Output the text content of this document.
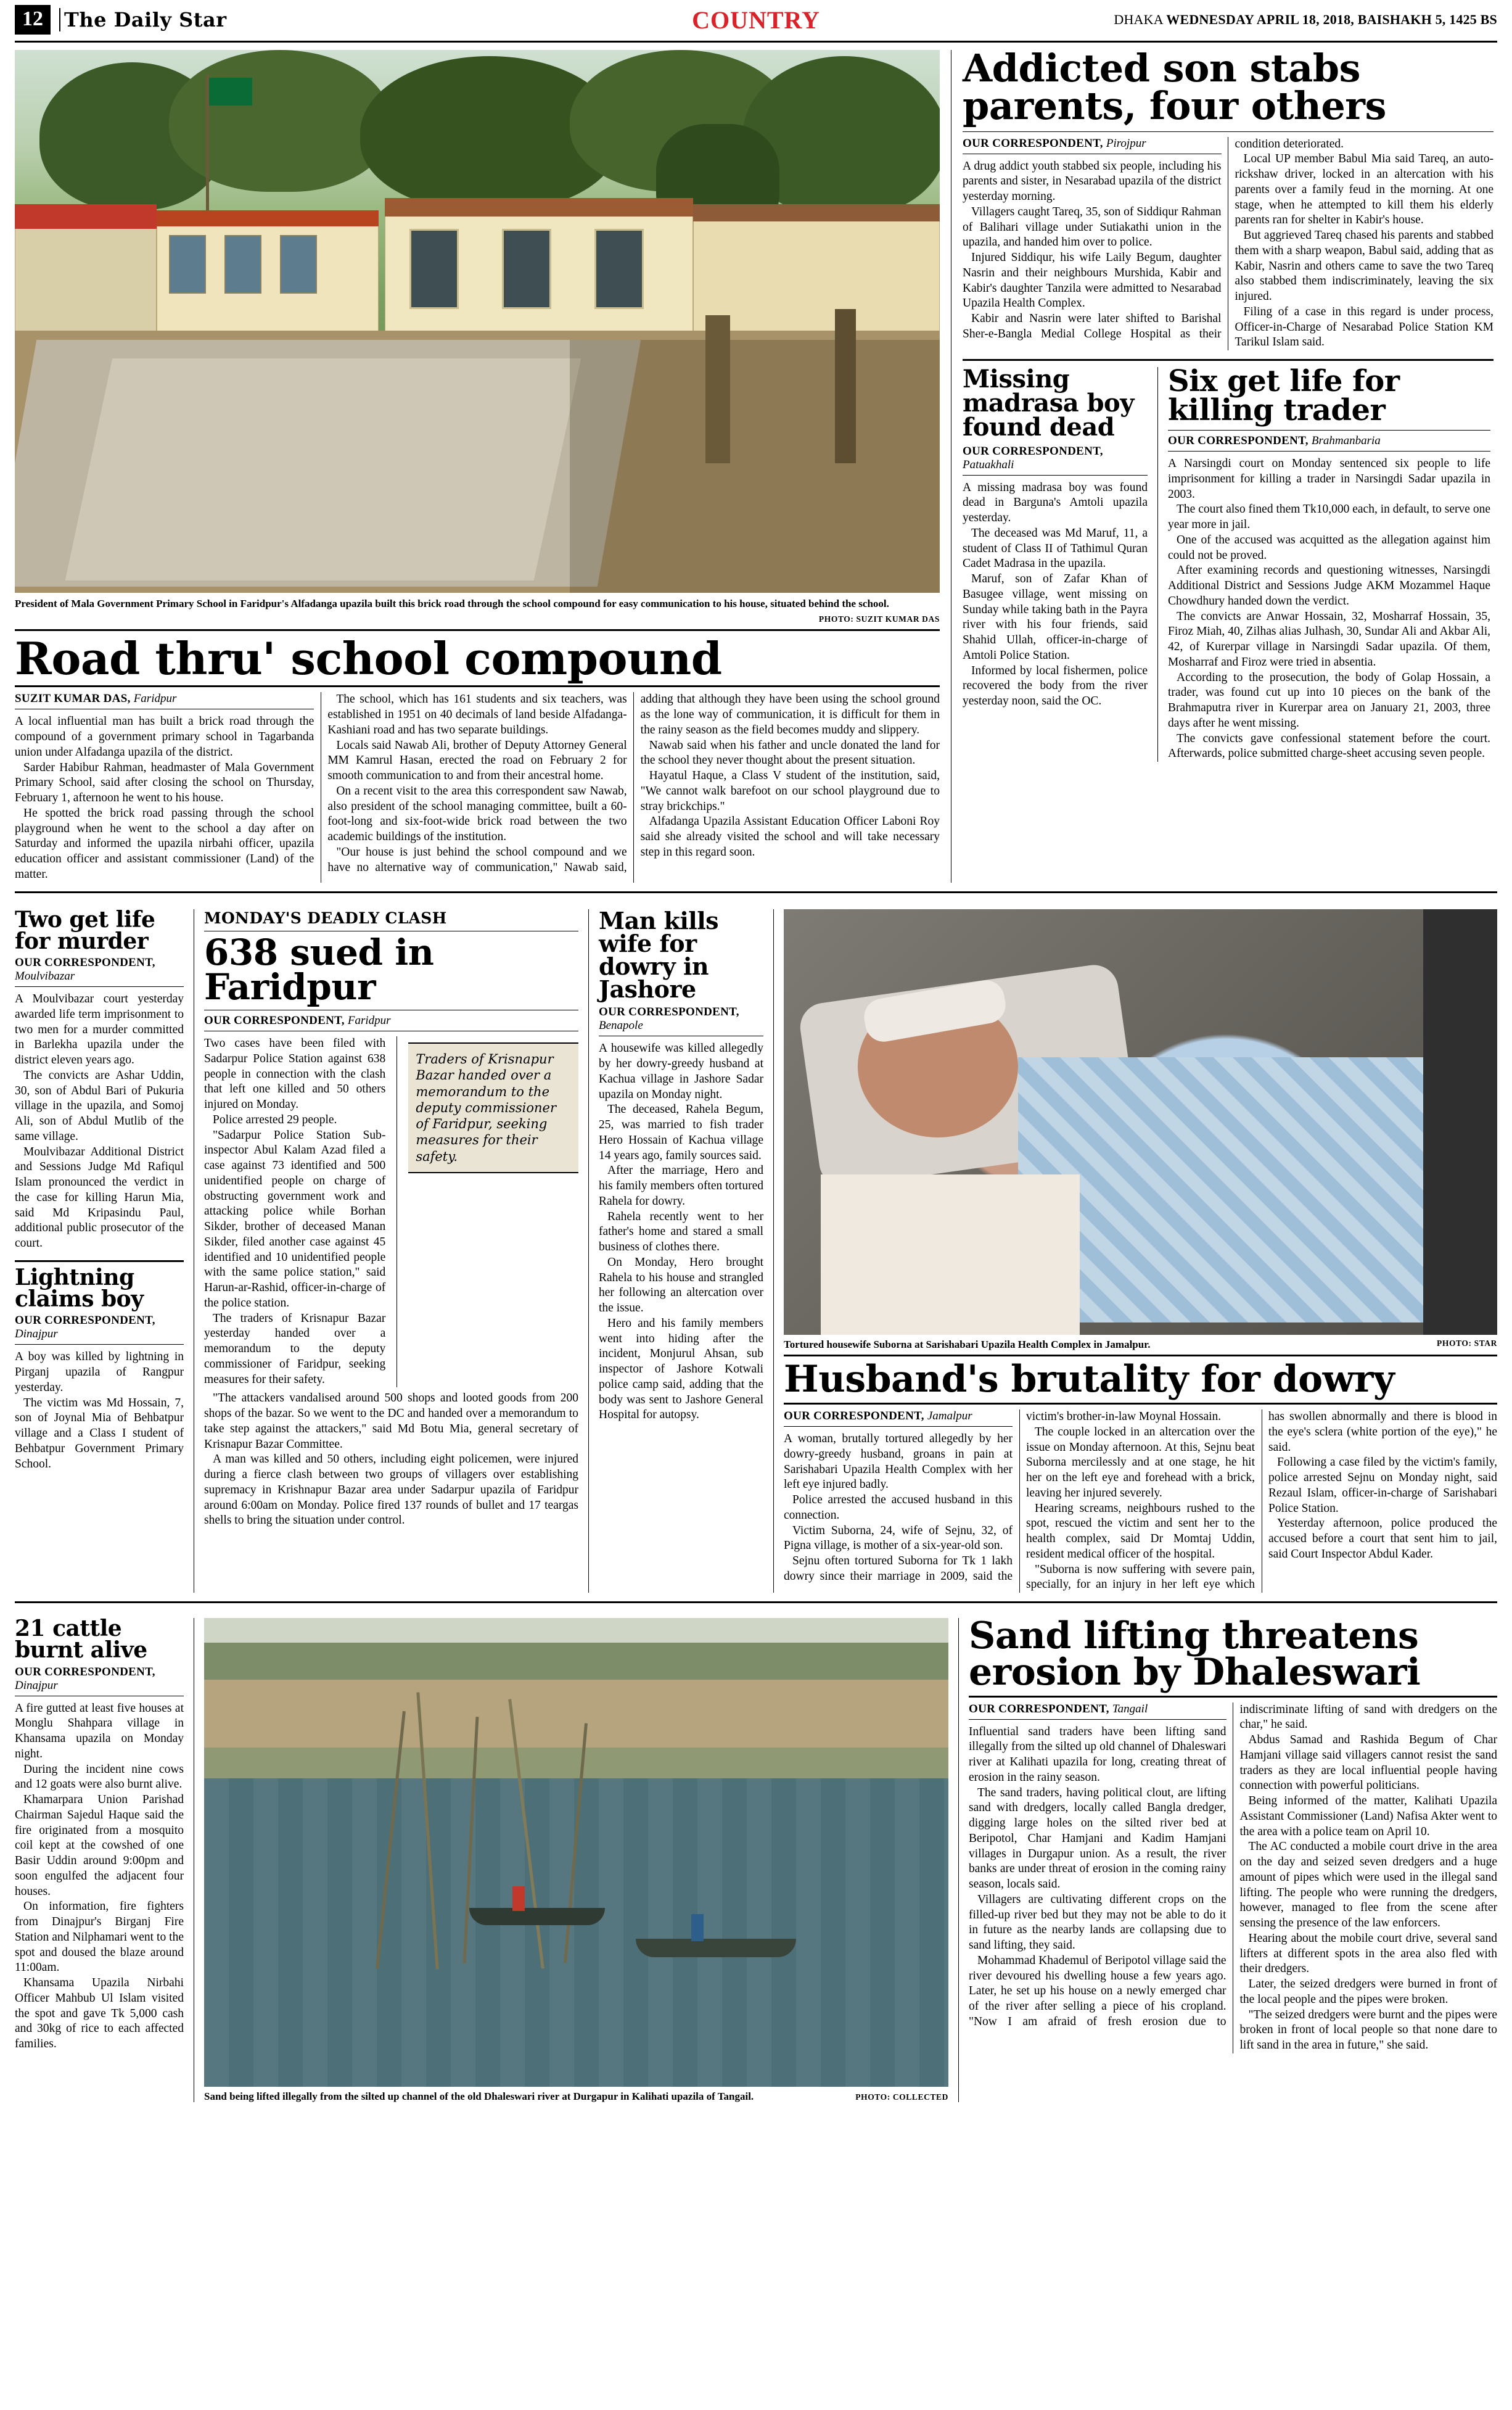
12	The Daily Star	COUNTRY	DHAKA WEDNESDAY APRIL 18, 2018, BAISHAKH 5, 1425 BS
President of Mala Government Primary School in Faridpur's Alfadanga upazila built this brick road through the school compound for easy communication to his house, situated behind the school.
PHOTO: SUZIT KUMAR DAS
Road thru' school compound
SUZIT KUMAR DAS, Faridpur

A local influential man has built a brick road through the compound of a government primary school in Tagarbanda union under Alfadanga upazila of the district.

Sarder Habibur Rahman, headmaster of Mala Government Primary School, said after closing the school on Thursday, February 1, afternoon he went to his house.

He spotted the brick road passing through the school playground when he went to the school a day after on Saturday and informed the upazila nirbahi officer, upazila education officer and assistant commissioner (Land) of the matter.

The school, which has 161 students and six teachers, was established in 1951 on 40 decimals of land beside Alfadanga-Kashiani road and has two separate buildings.

Locals said Nawab Ali, brother of Deputy Attorney General MM Kamrul Hasan, erected the road on February 2 for smooth communication to and from their ancestral home.

On a recent visit to the area this correspondent saw Nawab, also president of the school managing committee, built a 60-foot-long and six-foot-wide brick road between the two academic buildings of the institution.

"Our house is just behind the school compound and we have no alternative way of communication," Nawab said, adding that although they have been using the school ground as the lone way of communication, it is difficult for them in the rainy season as the field becomes muddy and slippery.

Nawab said when his father and uncle donated the land for the school they never thought about the present situation.

Hayatul Haque, a Class V student of the institution, said, "We cannot walk barefoot on our school playground due to stray brickchips."

Alfadanga Upazila Assistant Education Officer Laboni Roy said she already visited the school and will take necessary step in this regard soon.

Addicted son stabs parents, four others
OUR CORRESPONDENT, Pirojpur

A drug addict youth stabbed six people, including his parents and sister, in Nesarabad upazila of the district yesterday morning.

Villagers caught Tareq, 35, son of Siddiqur Rahman of Balihari village under Sutiakathi union in the upazila, and handed him over to police.

Injured Siddiqur, his wife Laily Begum, daughter Nasrin and their neighbours Murshida, Kabir and Kabir's daughter Tanzila were admitted to Nesarabad Upazila Health Complex.

Kabir and Nasrin were later shifted to Barishal Sher-e-Bangla Medial College Hospital as their condition deteriorated.

Local UP member Babul Mia said Tareq, an auto-rickshaw driver, locked in an altercation with his parents over a family feud in the morning. At one stage, when he attempted to kill them his elderly parents ran for shelter in Kabir's house.

But aggrieved Tareq chased his parents and stabbed them with a sharp weapon, Babul said, adding that as Kabir, Nasrin and others came to save the two Tareq also stabbed them indiscriminately, leaving the six injured.

Filing of a case in this regard is under process, Officer-in-Charge of Nesarabad Police Station KM Tarikul Islam said.

Missing madrasa boy found dead
OUR CORRESPONDENT, Patuakhali

A missing madrasa boy was found dead in Barguna's Amtoli upazila yesterday.

The deceased was Md Maruf, 11, a student of Class II of Tathimul Quran Cadet Madrasa in the upazila.

Maruf, son of Zafar Khan of Basugee village, went missing on Sunday while taking bath in the Payra river with his four friends, said Shahid Ullah, officer-in-charge of Amtoli Police Station.

Informed by local fishermen, police recovered the body from the river yesterday noon, said the OC.

Six get life for killing trader
OUR CORRESPONDENT, Brahmanbaria

A Narsingdi court on Monday sentenced six people to life imprisonment for killing a trader in Narsingdi Sadar upazila in 2003.

The court also fined them Tk10,000 each, in default, to serve one year more in jail.

One of the accused was acquitted as the allegation against him could not be proved.

After examining records and questioning witnesses, Narsingdi Additional District and Sessions Judge AKM Mozammel Haque Chowdhury handed down the verdict.

The convicts are Anwar Hossain, 32, Mosharraf Hossain, 35, Firoz Miah, 40, Zilhas alias Julhash, 30, Sundar Ali and Akbar Ali, 42, of Kurerpar village in Narsingdi Sadar upazila. Of them, Mosharraf and Firoz were tried in absentia.

According to the prosecution, the body of Golap Hossain, a trader, was found cut up into 10 pieces on the bank of the Brahmaputra river in Kurerpar area on January 21, 2003, three days after he went missing.

The convicts gave confessional statement before the court. Afterwards, police submitted charge-sheet accusing seven people.

Two get life for murder
OUR CORRESPONDENT, Moulvibazar

A Moulvibazar court yesterday awarded life term imprisonment to two men for a murder committed in Barlekha upazila under the district eleven years ago.

The convicts are Ashar Uddin, 30, son of Abdul Bari of Pukuria village in the upazila, and Somoj Ali, son of Abdul Mutlib of the same village.

Moulvibazar Additional District and Sessions Judge Md Rafiqul Islam pronounced the verdict in the case for killing Harun Mia, said Md Kripasindu Paul, additional public prosecutor of the court.

Lightning claims boy
OUR CORRESPONDENT, Dinajpur

A boy was killed by lightning in Pirganj upazila of Rangpur yesterday.

The victim was Md Hossain, 7, son of Joynal Mia of Behbatpur village and a Class I student of Behbatpur Government Primary School.

MONDAY'S DEADLY CLASH
638 sued in Faridpur
OUR CORRESPONDENT, Faridpur

Two cases have been filed with Sadarpur Police Station against 638 people in connection with the clash that left one killed and 50 others injured on Monday.

Police arrested 29 people.

"Sadarpur Police Station Sub-inspector Abul Kalam Azad filed a case against 73 identified and 500 unidentified people on charge of obstructing government work and attacking police while Borhan Sikder, brother of deceased Manan Sikder, filed another case against 45 identified and 10 unidentified people with the same police station," said Harun-ar-Rashid, officer-in-charge of the police station.

The traders of Krisnapur Bazar yesterday handed over a memorandum to the deputy commissioner of Faridpur, seeking measures for their safety.

Traders of Krisnapur Bazar handed over a memorandum to the deputy commissioner of Faridpur, seeking measures for their safety.

"The attackers vandalised around 500 shops and looted goods from 200 shops of the bazar. So we went to the DC and handed over a memorandum to take step against the attackers," said Md Botu Mia, general secretary of Krisnapur Bazar Committee.

A man was killed and 50 others, including eight policemen, were injured during a fierce clash between two groups of villagers over establishing supremacy in Krishnapur Bazar area under Sadarpur upazila of Faridpur around 6:00am on Monday. Police fired 137 rounds of bullet and 17 teargas shells to bring the situation under control.

Man kills wife for dowry in Jashore
OUR CORRESPONDENT, Benapole

A housewife was killed allegedly by her dowry-greedy husband at Kachua village in Jashore Sadar upazila on Monday night.

The deceased, Rahela Begum, 25, was married to fish trader Hero Hossain of Kachua village 14 years ago, family sources said.

After the marriage, Hero and his family members often tortured Rahela for dowry.

Rahela recently went to her father's home and stared a small business of clothes there.

On Monday, Hero brought Rahela to his house and strangled her following an altercation over the issue.

Hero and his family members went into hiding after the incident, Monjurul Ahsan, sub inspector of Jashore Kotwali police camp said, adding that the body was sent to Jashore General Hospital for autopsy.

Tortured housewife Suborna at Sarishabari Upazila Health Complex in Jamalpur.	PHOTO: STAR
Husband's brutality for dowry
OUR CORRESPONDENT, Jamalpur

A woman, brutally tortured allegedly by her dowry-greedy husband, groans in pain at Sarishabari Upazila Health Complex with her left eye injured badly.

Police arrested the accused husband in this connection.

Victim Suborna, 24, wife of Sejnu, 32, of Pigna village, is mother of a six-year-old son.

Sejnu often tortured Suborna for Tk 1 lakh dowry since their marriage in 2009, said the victim's brother-in-law Moynal Hossain.

The couple locked in an altercation over the issue on Monday afternoon. At this, Sejnu beat Suborna mercilessly and at one stage, he hit her on the left eye and forehead with a brick, leaving her injured severely.

Hearing screams, neighbours rushed to the spot, rescued the victim and sent her to the health complex, said Dr Momtaj Uddin, resident medical officer of the hospital.

"Suborna is now suffering with severe pain, specially, for an injury in her left eye which has swollen abnormally and there is blood in the eye's sclera (white portion of the eye)," he said.

Following a case filed by the victim's family, police arrested Sejnu on Monday night, said Rezaul Islam, officer-in-charge of Sarishabari Police Station.

Yesterday afternoon, police produced the accused before a court that sent him to jail, said Court Inspector Abdul Kader.

21 cattle burnt alive
OUR CORRESPONDENT, Dinajpur

A fire gutted at least five houses at Monglu Shahpara village in Khansama upazila on Monday night.

During the incident nine cows and 12 goats were also burnt alive.

Khamarpara Union Parishad Chairman Sajedul Haque said the fire originated from a mosquito coil kept at the cowshed of one Basir Uddin around 9:00pm and soon engulfed the adjacent four houses.

On information, fire fighters from Dinajpur's Birganj Fire Station and Nilphamari went to the spot and doused the blaze around 11:00am.

Khansama Upazila Nirbahi Officer Mahbub Ul Islam visited the spot and gave Tk 5,000 cash and 30kg of rice to each affected families.

Sand being lifted illegally from the silted up channel of the old Dhaleswari river at Durgapur in Kalihati upazila of Tangail.	PHOTO: COLLECTED
Sand lifting threatens erosion by Dhaleswari
OUR CORRESPONDENT, Tangail

Influential sand traders have been lifting sand illegally from the silted up old channel of Dhaleswari river at Kalihati upazila for long, creating threat of erosion in the rainy season.

The sand traders, having political clout, are lifting sand with dredgers, locally called Bangla dredger, digging large holes on the silted river bed at Beripotol, Char Hamjani and Kadim Hamjani villages in Durgapur union. As a result, the river banks are under threat of erosion in the coming rainy season, locals said.

Villagers are cultivating different crops on the filled-up river bed but they may not be able to do it in future as the nearby lands are collapsing due to sand lifting, they said.

Mohammad Khademul of Beripotol village said the river devoured his dwelling house a few years ago. Later, he set up his house on a newly emerged char of the river after selling a piece of his cropland. "Now I am afraid of fresh erosion due to indiscriminate lifting of sand with dredgers on the char," he said.

Abdus Samad and Rashida Begum of Char Hamjani village said villagers cannot resist the sand traders as they are local influential people having connection with powerful politicians.

Being informed of the matter, Kalihati Upazila Assistant Commissioner (Land) Nafisa Akter went to the area with a police team on April 10.

The AC conducted a mobile court drive in the area on the day and seized seven dredgers and a huge amount of pipes which were used in the illegal sand lifting. The people who were running the dredgers, however, managed to flee from the scene after sensing the presence of the law enforcers.

Hearing about the mobile court drive, several sand lifters at different spots in the area also fled with their dredgers.

Later, the seized dredgers were burned in front of the local people and the pipes were broken.

"The seized dredgers were burnt and the pipes were broken in front of local people so that none dare to lift sand in the area in future," she said.
